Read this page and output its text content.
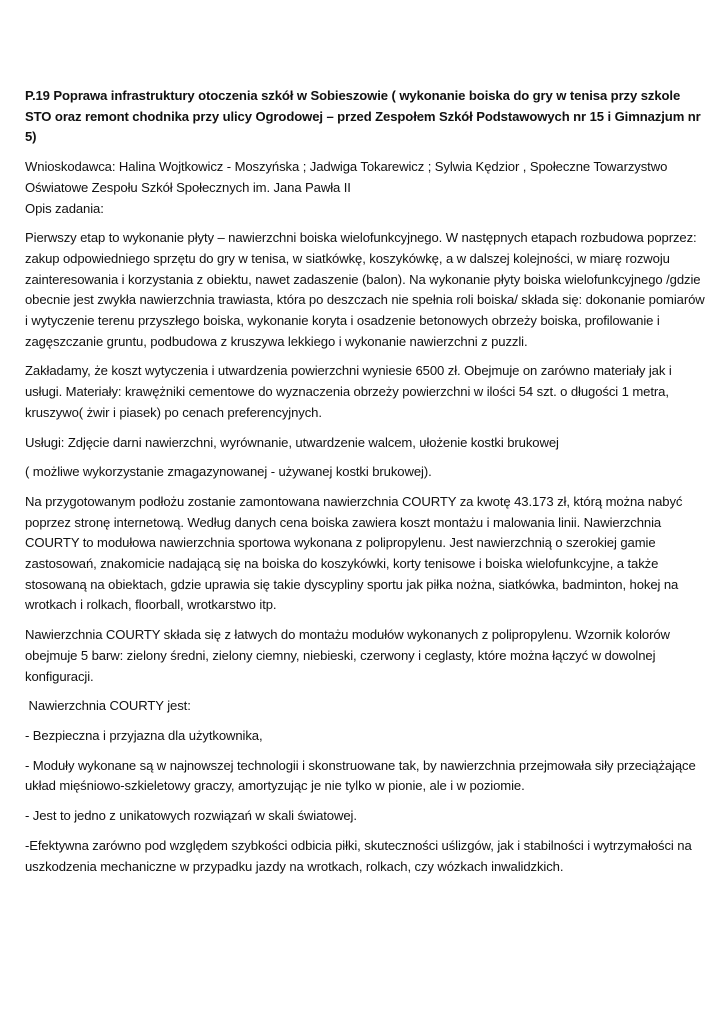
P.19 Poprawa infrastruktury otoczenia szkół w Sobieszowie ( wykonanie boiska do gry w tenisa przy szkole STO oraz remont chodnika przy ulicy Ogrodowej – przed Zespołem Szkół Podstawowych nr 15 i Gimnazjum nr 5)
Wnioskodawca: Halina Wojtkowicz - Moszyńska ; Jadwiga Tokarewicz ; Sylwia Kędzior , Społeczne Towarzystwo Oświatowe Zespołu Szkół Społecznych im. Jana Pawła II
Opis zadania:
Pierwszy etap to wykonanie płyty – nawierzchni boiska wielofunkcyjnego. W następnych etapach rozbudowa poprzez: zakup odpowiedniego sprzętu do gry w tenisa, w siatkówkę, koszykówkę, a w dalszej kolejności, w miarę rozwoju zainteresowania i korzystania z obiektu, nawet zadaszenie (balon). Na wykonanie płyty boiska wielofunkcyjnego /gdzie obecnie jest zwykła nawierzchnia trawiasta, która po deszczach nie spełnia roli boiska/ składa się: dokonanie pomiarów i wytyczenie terenu przyszłego boiska, wykonanie koryta i osadzenie betonowych obrzeży boiska, profilowanie i zagęszczanie gruntu, podbudowa z kruszywa lekkiego i wykonanie nawierzchni z puzzli.
Zakładamy, że koszt wytyczenia i utwardzenia powierzchni wyniesie 6500 zł. Obejmuje on zarówno materiały jak i usługi. Materiały: krawężniki cementowe do wyznaczenia obrzeży powierzchni w ilości 54 szt. o długości 1 metra, kruszywo( żwir i piasek) po cenach preferencyjnych.
Usługi: Zdjęcie darni nawierzchni, wyrównanie, utwardzenie walcem, ułożenie kostki brukowej
( możliwe wykorzystanie zmagazynowanej - używanej kostki brukowej).
Na przygotowanym podłożu zostanie zamontowana nawierzchnia COURTY za kwotę 43.173 zł, którą można nabyć poprzez stronę internetową. Według danych cena boiska zawiera koszt montażu i malowania linii. Nawierzchnia COURTY to modułowa nawierzchnia sportowa wykonana z polipropylenu. Jest nawierzchnią o szerokiej gamie zastosowań, znakomicie nadającą się na boiska do koszykówki, korty tenisowe i boiska wielofunkcyjne, a także stosowaną na obiektach, gdzie uprawia się takie dyscypliny sportu jak piłka nożna, siatkówka, badminton, hokej na wrotkach i rolkach, floorball, wrotkarstwo itp.
Nawierzchnia COURTY składa się z łatwych do montażu modułów wykonanych z polipropylenu. Wzornik kolorów obejmuje 5 barw: zielony średni, zielony ciemny, niebieski, czerwony i ceglasty, które można łączyć w dowolnej konfiguracji.
Nawierzchnia COURTY jest:
- Bezpieczna i przyjazna dla użytkownika,
- Moduły wykonane są w najnowszej technologii i skonstruowane tak, by nawierzchnia przejmowała siły przeciążające układ mięśniowo-szkieletowy graczy, amortyzując je nie tylko w pionie, ale i w poziomie.
- Jest to jedno z unikatowych rozwiązań w skali światowej.
-Efektywna zarówno pod względem szybkości odbicia piłki, skuteczności uślizgów, jak i stabilności i wytrzymałości na uszkodzenia mechaniczne w przypadku jazdy na wrotkach, rolkach, czy wózkach inwalidzkich.
